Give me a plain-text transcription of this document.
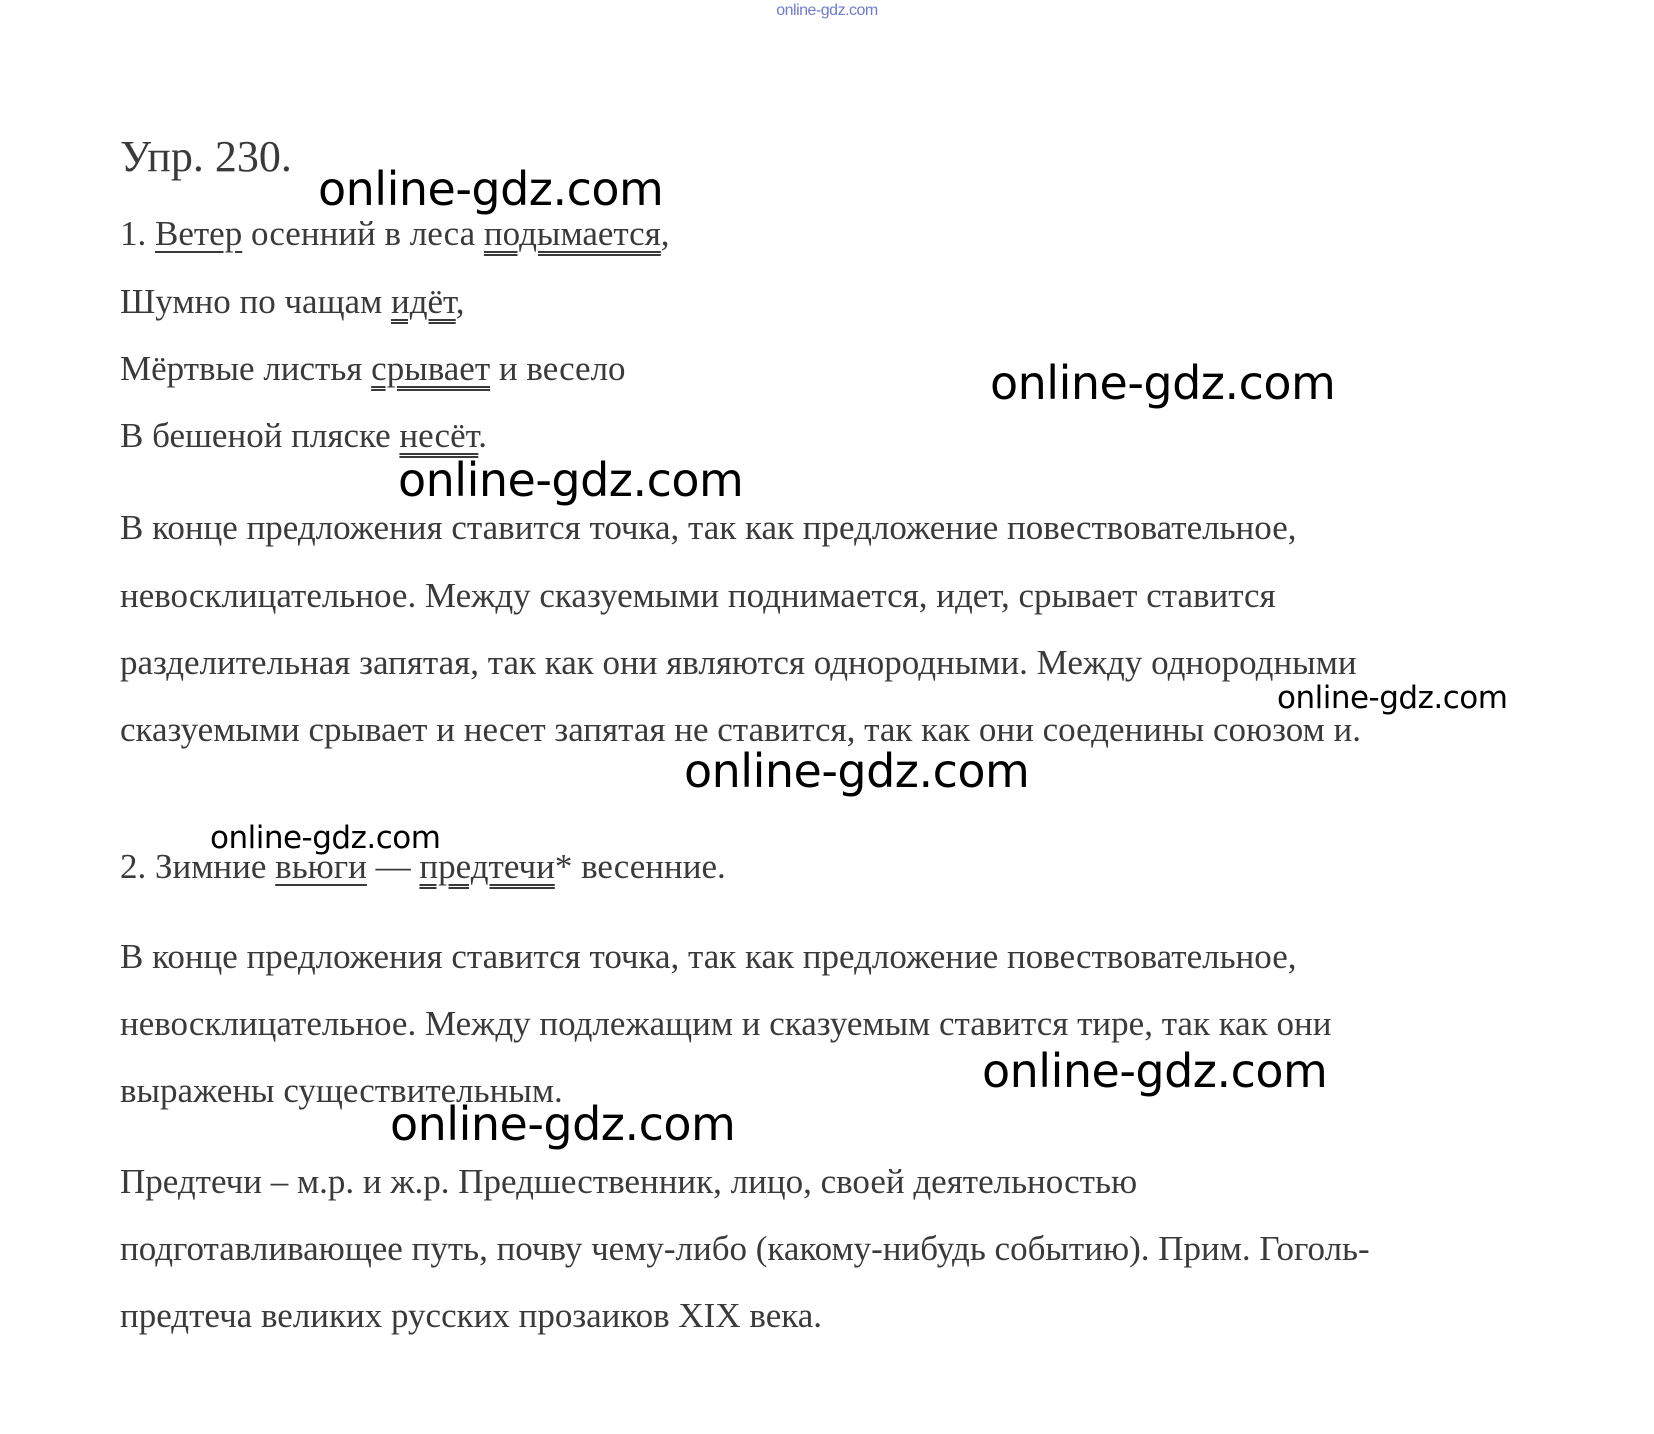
online-gdz.com
Упр. 230.
1. Ветер осенний в леса подымается,
Шумно по чащам идёт,
Мёртвые листья срывает и весело
В бешеной пляске несёт.
В конце предложения ставится точка, так как предложение повествовательное,
невосклицательное. Между сказуемыми поднимается, идет, срывает ставится
разделительная запятая, так как они являются однородными. Между однородными
сказуемыми срывает и несет запятая не ставится, так как они соеденины союзом и.
2. Зимние вьюги — предтечи* весенние.
В конце предложения ставится точка, так как предложение повествовательное,
невосклицательное. Между подлежащим и сказуемым ставится тире, так как они
выражены существительным.
Предтечи – м.р. и ж.р. Предшественник, лицо, своей деятельностью
подготавливающее путь, почву чему-либо (какому-нибудь событию). Прим. Гоголь-
предтеча великих русских прозаиков XIX века.
online-gdz.com
online-gdz.com
online-gdz.com
online-gdz.com
online-gdz.com
online-gdz.com
online-gdz.com
online-gdz.com
